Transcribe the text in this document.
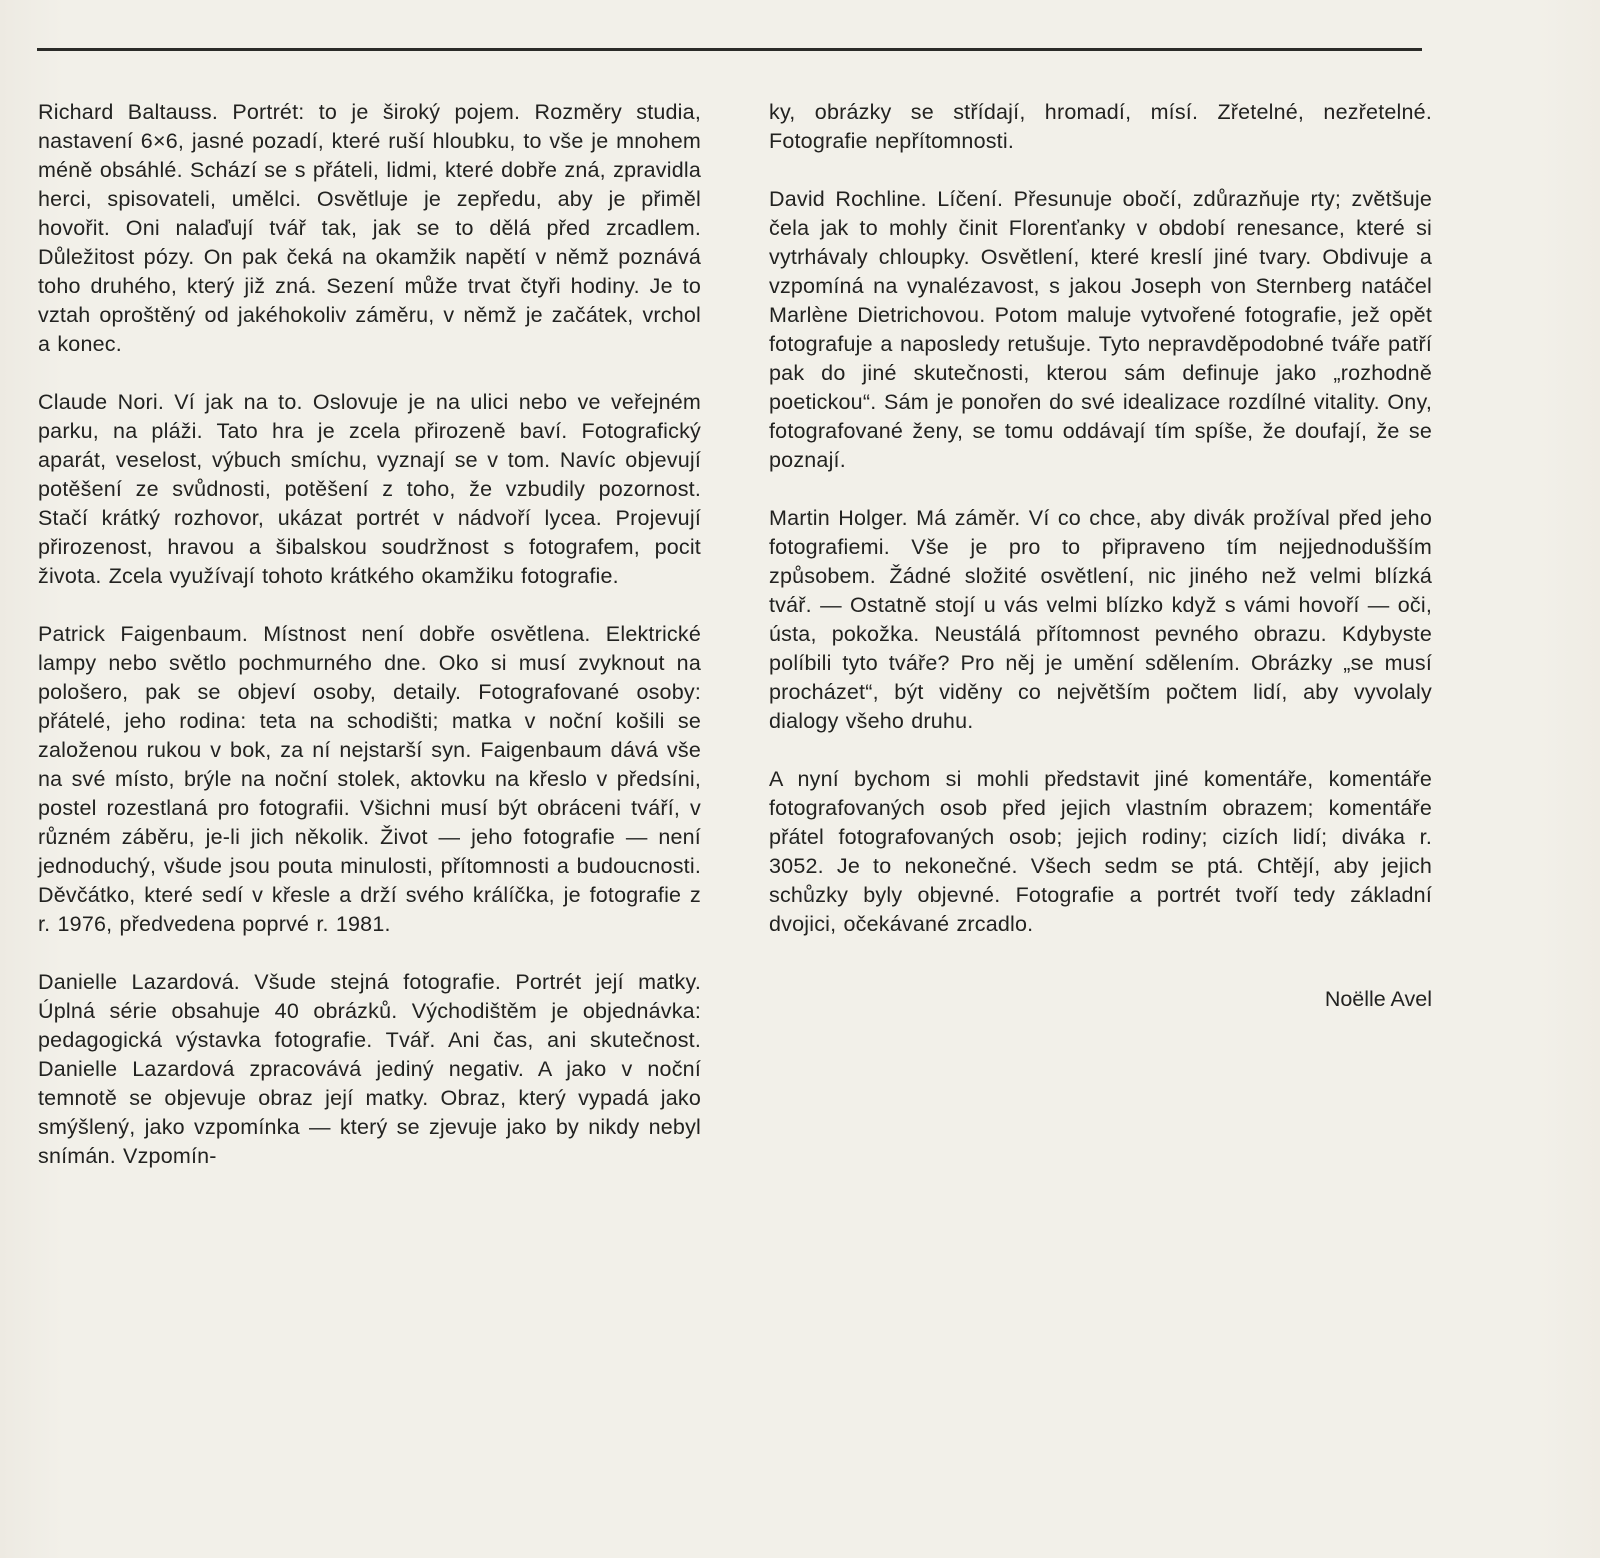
Richard Baltauss. Portrét: to je široký pojem. Rozměry studia, nastavení 6×6, jasné pozadí, které ruší hloubku, to vše je mnohem méně obsáhlé. Schází se s přáteli, lidmi, které dobře zná, zpravidla herci, spisovateli, umělci. Osvětluje je zepředu, aby je přiměl hovořit. Oni nalaďují tvář tak, jak se to dělá před zrcadlem. Důležitost pózy. On pak čeká na okamžik napětí v němž poznává toho druhého, který již zná. Sezení může trvat čtyři hodiny. Je to vztah oproštěný od jakéhokoliv záměru, v němž je začátek, vrchol a konec.

Claude Nori. Ví jak na to. Oslovuje je na ulici nebo ve veřejném parku, na pláži. Tato hra je zcela přirozeně baví. Fotografický aparát, veselost, výbuch smíchu, vyznají se v tom. Navíc objevují potěšení ze svůdnosti, potěšení z toho, že vzbudily pozornost. Stačí krátký rozhovor, ukázat portrét v nádvoří lycea. Projevují přirozenost, hravou a šibalskou soudržnost s fotografem, pocit života. Zcela využívají tohoto krátkého okamžiku fotografie.

Patrick Faigenbaum. Místnost není dobře osvětlena. Elektrické lampy nebo světlo pochmurného dne. Oko si musí zvyknout na pološero, pak se objeví osoby, detaily. Fotografované osoby: přátelé, jeho rodina: teta na schodišti; matka v noční košili se založenou rukou v bok, za ní nejstarší syn. Faigenbaum dává vše na své místo, brýle na noční stolek, aktovku na křeslo v předsíni, postel rozestlaná pro fotografii. Všichni musí být obráceni tváří, v různém záběru, je-li jich několik. Život — jeho fotografie — není jednoduchý, všude jsou pouta minulosti, přítomnosti a budoucnosti. Děvčátko, které sedí v křesle a drží svého králíčka, je fotografie z r. 1976, předvedena poprvé r. 1981.

Danielle Lazardová. Všude stejná fotografie. Portrét její matky. Úplná série obsahuje 40 obrázků. Východištěm je objednávka: pedagogická výstavka fotografie. Tvář. Ani čas, ani skutečnost. Danielle Lazardová zpracovává jediný negativ. A jako v noční temnotě se objevuje obraz její matky. Obraz, který vypadá jako smýšlený, jako vzpomínka — který se zjevuje jako by nikdy nebyl snímán. Vzpomín-

ky, obrázky se střídají, hromadí, mísí. Zřetelné, nezřetelné. Fotografie nepřítomnosti.

David Rochline. Líčení. Přesunuje obočí, zdůrazňuje rty; zvětšuje čela jak to mohly činit Florenťanky v období renesance, které si vytrhávaly chloupky. Osvětlení, které kreslí jiné tvary. Obdivuje a vzpomíná na vynalézavost, s jakou Joseph von Sternberg natáčel Marlène Dietrichovou. Potom maluje vytvořené fotografie, jež opět fotografuje a naposledy retušuje. Tyto nepravděpodobné tváře patří pak do jiné skutečnosti, kterou sám definuje jako „rozhodně poetickou“. Sám je ponořen do své idealizace rozdílné vitality. Ony, fotografované ženy, se tomu oddávají tím spíše, že doufají, že se poznají.

Martin Holger. Má záměr. Ví co chce, aby divák prožíval před jeho fotografiemi. Vše je pro to připraveno tím nejjednodušším způsobem. Žádné složité osvětlení, nic jiného než velmi blízká tvář. — Ostatně stojí u vás velmi blízko když s vámi hovoří — oči, ústa, pokožka. Neustálá přítomnost pevného obrazu. Kdybyste políbili tyto tváře? Pro něj je umění sdělením. Obrázky „se musí procházet“, být viděny co největším počtem lidí, aby vyvolaly dialogy všeho druhu.

A nyní bychom si mohli představit jiné komentáře, komentáře fotografovaných osob před jejich vlastním obrazem; komentáře přátel fotografovaných osob; jejich rodiny; cizích lidí; diváka r. 3052. Je to nekonečné. Všech sedm se ptá. Chtějí, aby jejich schůzky byly objevné. Fotografie a portrét tvoří tedy základní dvojici, očekávané zrcadlo.

Noëlle Avel
